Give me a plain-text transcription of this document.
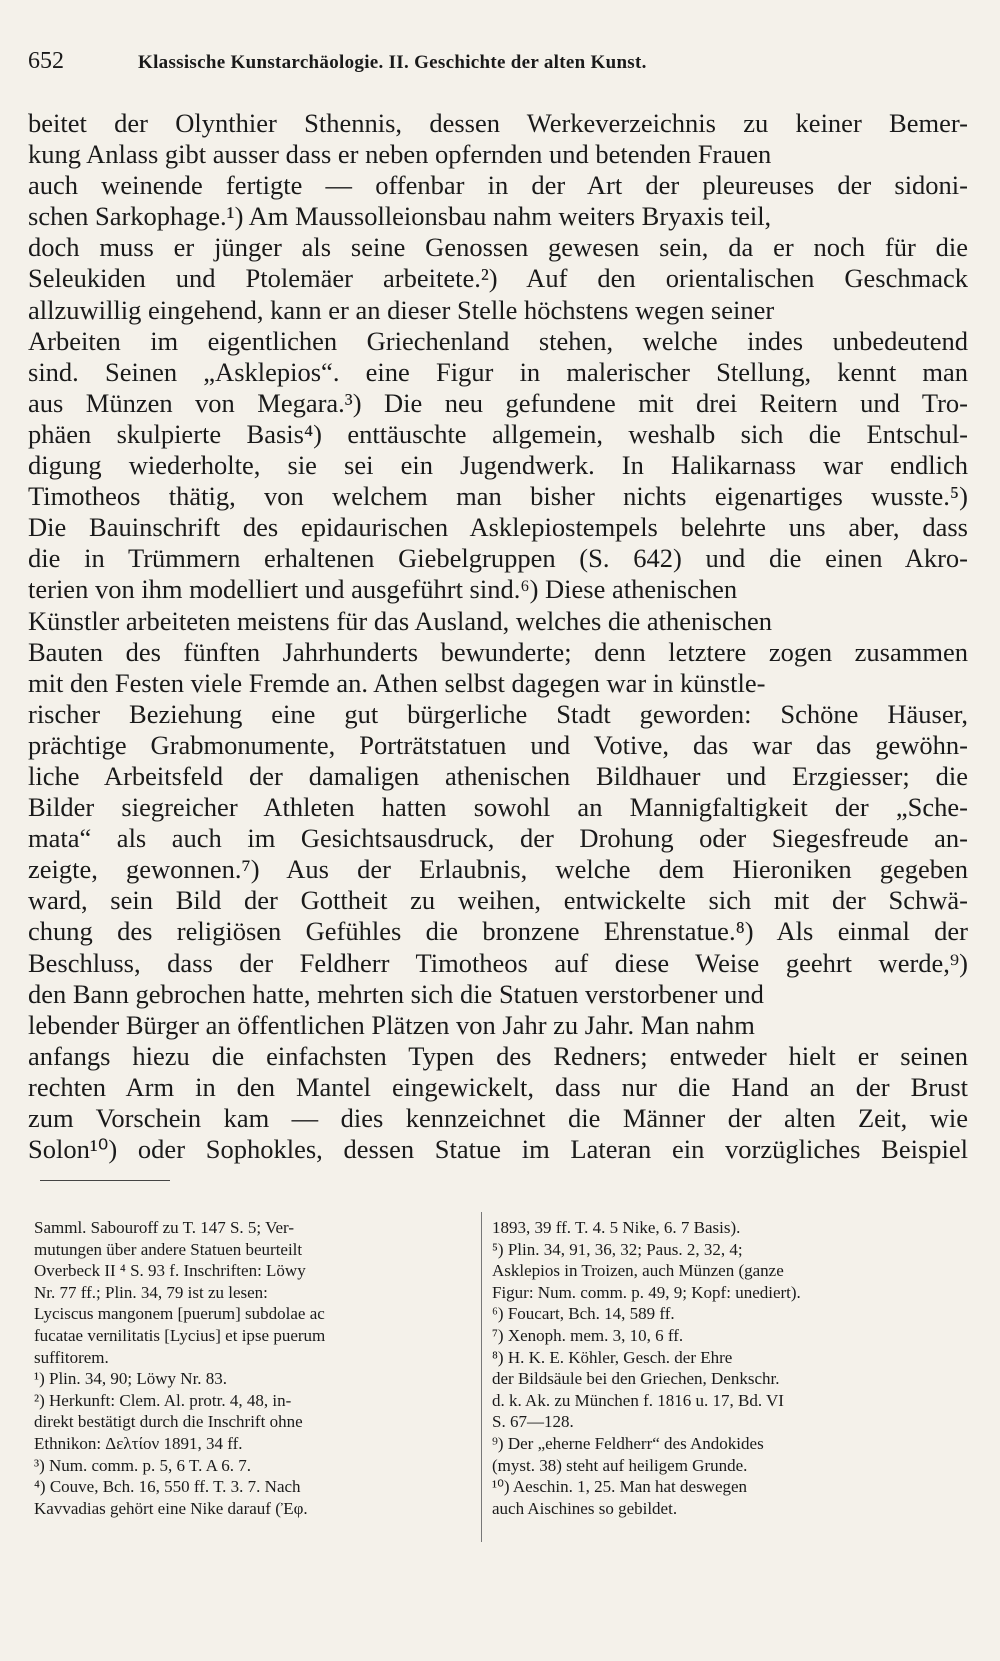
652	Klassische Kunstarchäologie. II. Geschichte der alten Kunst.
beitet der Olynthier Sthennis, dessen Werkeverzeichnis zu keiner Bemer-
kung Anlass gibt ausser dass er neben opfernden und betenden Frauen
auch weinende fertigte — offenbar in der Art der pleureuses der sidoni-
schen Sarkophage.¹) Am Maussolleionsbau nahm weiters Bryaxis teil,
doch muss er jünger als seine Genossen gewesen sein, da er noch für die
Seleukiden und Ptolemäer arbeitete.²) Auf den orientalischen Geschmack
allzuwillig eingehend, kann er an dieser Stelle höchstens wegen seiner
Arbeiten im eigentlichen Griechenland stehen, welche indes unbedeutend
sind. Seinen „Asklepios“. eine Figur in malerischer Stellung, kennt man
aus Münzen von Megara.³) Die neu gefundene mit drei Reitern und Tro-
phäen skulpierte Basis⁴) enttäuschte allgemein, weshalb sich die Entschul-
digung wiederholte, sie sei ein Jugendwerk. In Halikarnass war endlich
Timotheos thätig, von welchem man bisher nichts eigenartiges wusste.⁵)
Die Bauinschrift des epidaurischen Asklepiostempels belehrte uns aber, dass
die in Trümmern erhaltenen Giebelgruppen (S. 642) und die einen Akro-
terien von ihm modelliert und ausgeführt sind.⁶) Diese athenischen
Künstler arbeiteten meistens für das Ausland, welches die athenischen
Bauten des fünften Jahrhunderts bewunderte; denn letztere zogen zusammen
mit den Festen viele Fremde an. Athen selbst dagegen war in künstle-
rischer Beziehung eine gut bürgerliche Stadt geworden: Schöne Häuser,
prächtige Grabmonumente, Porträtstatuen und Votive, das war das gewöhn-
liche Arbeitsfeld der damaligen athenischen Bildhauer und Erzgiesser; die
Bilder siegreicher Athleten hatten sowohl an Mannigfaltigkeit der „Sche-
mata“ als auch im Gesichtsausdruck, der Drohung oder Siegesfreude an-
zeigte, gewonnen.⁷) Aus der Erlaubnis, welche dem Hieroniken gegeben
ward, sein Bild der Gottheit zu weihen, entwickelte sich mit der Schwä-
chung des religiösen Gefühles die bronzene Ehrenstatue.⁸) Als einmal der
Beschluss, dass der Feldherr Timotheos auf diese Weise geehrt werde,⁹)
den Bann gebrochen hatte, mehrten sich die Statuen verstorbener und
lebender Bürger an öffentlichen Plätzen von Jahr zu Jahr. Man nahm
anfangs hiezu die einfachsten Typen des Redners; entweder hielt er seinen
rechten Arm in den Mantel eingewickelt, dass nur die Hand an der Brust
zum Vorschein kam — dies kennzeichnet die Männer der alten Zeit, wie
Solon¹⁰) oder Sophokles, dessen Statue im Lateran ein vorzügliches Beispiel
Samml. Sabouroff zu T. 147 S. 5; Ver-
mutungen über andere Statuen beurteilt
Overbeck II ⁴ S. 93 f. Inschriften: Löwy
Nr. 77 ff.; Plin. 34, 79 ist zu lesen:
Lyciscus mangonem [puerum] subdolae ac
fucatae vernilitatis [Lycius] et ipse puerum
suffitorem.
¹) Plin. 34, 90; Löwy Nr. 83.
²) Herkunft: Clem. Al. protr. 4, 48, in-
direkt bestätigt durch die Inschrift ohne
Ethnikon: Δελτίον 1891, 34 ff.
³) Num. comm. p. 5, 6 T. A 6. 7.
⁴) Couve, Bch. 16, 550 ff. T. 3. 7. Nach
Kavvadias gehört eine Nike darauf (Ἐφ.
1893, 39 ff. T. 4. 5 Nike, 6. 7 Basis).
⁵) Plin. 34, 91, 36, 32; Paus. 2, 32, 4;
Asklepios in Troizen, auch Münzen (ganze
Figur: Num. comm. p. 49, 9; Kopf: unediert).
⁶) Foucart, Bch. 14, 589 ff.
⁷) Xenoph. mem. 3, 10, 6 ff.
⁸) H. K. E. Köhler, Gesch. der Ehre
der Bildsäule bei den Griechen, Denkschr.
d. k. Ak. zu München f. 1816 u. 17, Bd. VI
S. 67—128.
⁹) Der „eherne Feldherr“ des Andokides
(myst. 38) steht auf heiligem Grunde.
¹⁰) Aeschin. 1, 25. Man hat deswegen
auch Aischines so gebildet.
